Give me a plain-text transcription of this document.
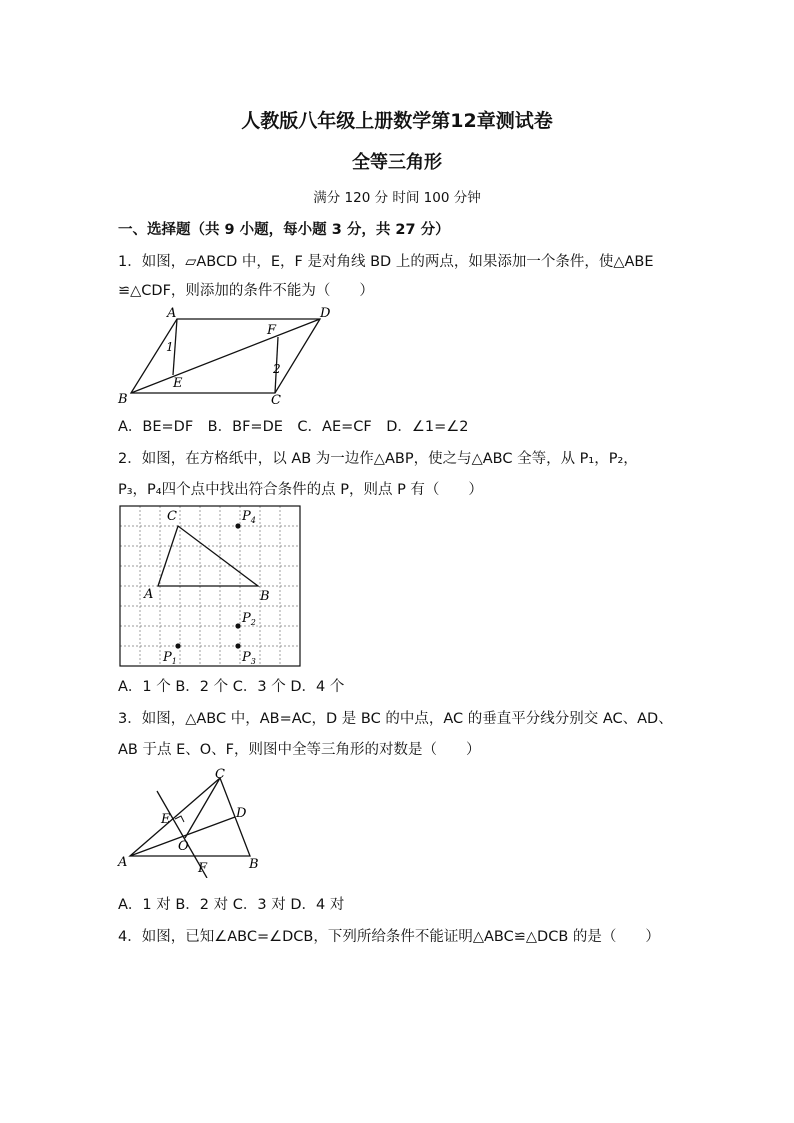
人教版八年级上册数学第12章测试卷
全等三角形
满分 120 分 时间 100 分钟
一、选择题（共 9 小题，每小题 3 分，共 27 分）
1．如图，▱ABCD 中，E，F 是对角线 BD 上的两点，如果添加一个条件，使△ABE
≌△CDF，则添加的条件不能为（　　）
A	D
B	C
E
F
1
2
A．BE=DF　B．BF=DE　C．AE=CF　D．∠1=∠2
2．如图，在方格纸中，以 AB 为一边作△ABP，使之与△ABC 全等，从 P₁，P₂，
P₃，P₄四个点中找出符合条件的点 P，则点 P 有（　　）
C
A	B
$P_4$
$P_2$
$P_1$	$P_3$
A．1 个 B．2 个 C．3 个 D．4 个
3．如图，△ABC 中，AB=AC，D 是 BC 的中点，AC 的垂直平分线分别交 AC、AD、
AB 于点 E、O、F，则图中全等三角形的对数是（　　）
C
D
E
O
A	B
F
A．1 对 B．2 对 C．3 对 D．4 对
4．如图，已知∠ABC=∠DCB，下列所给条件不能证明△ABC≌△DCB 的是（　　）
